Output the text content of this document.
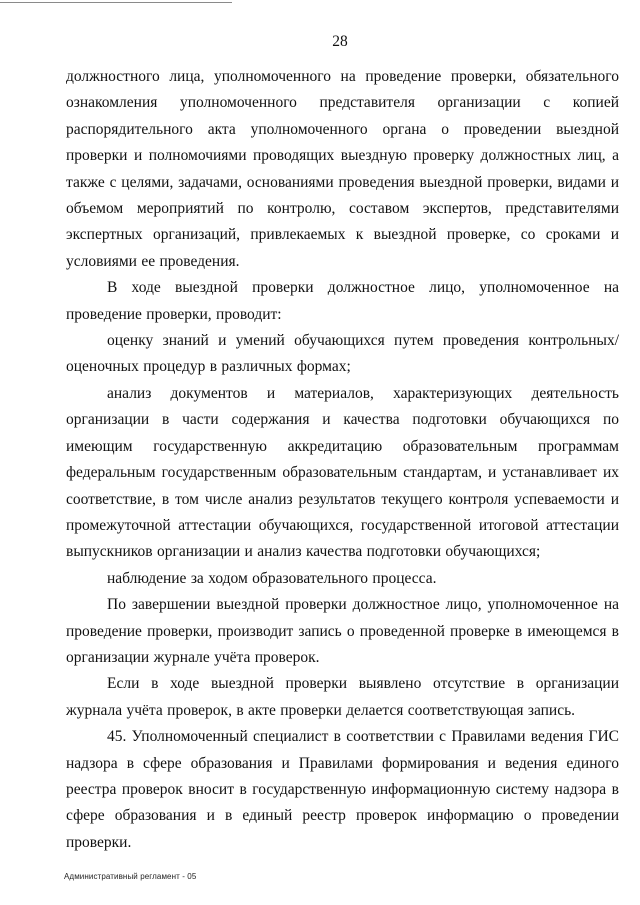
28

должностного лица, уполномоченного на проведение проверки, обязательного ознакомления уполномоченного представителя организации с копией распорядительного акта уполномоченного органа о проведении выездной проверки и полномочиями проводящих выездную проверку должностных лиц, а также с целями, задачами, основаниями проведения выездной проверки, видами и объемом мероприятий по контролю, составом экспертов, представителями экспертных организаций, привлекаемых к выездной проверке, со сроками и условиями ее проведения.

В ходе выездной проверки должностное лицо, уполномоченное на проведение проверки, проводит:

оценку знаний и умений обучающихся путем проведения контрольных/оценочных процедур в различных формах;

анализ документов и материалов, характеризующих деятельность организации в части содержания и качества подготовки обучающихся по имеющим государственную аккредитацию образовательным программам федеральным государственным образовательным стандартам, и устанавливает их соответствие, в том числе анализ результатов текущего контроля успеваемости и промежуточной аттестации обучающихся, государственной итоговой аттестации выпускников организации и анализ качества подготовки обучающихся;

наблюдение за ходом образовательного процесса.

По завершении выездной проверки должностное лицо, уполномоченное на проведение проверки, производит запись о проведенной проверке в имеющемся в организации журнале учёта проверок.

Если в ходе выездной проверки выявлено отсутствие в организации журнала учёта проверок, в акте проверки делается соответствующая запись.

45. Уполномоченный специалист в соответствии с Правилами ведения ГИС надзора в сфере образования и Правилами формирования и ведения единого реестра проверок вносит в государственную информационную систему надзора в сфере образования и в единый реестр проверок информацию о проведении проверки.

Административный регламент - 05
